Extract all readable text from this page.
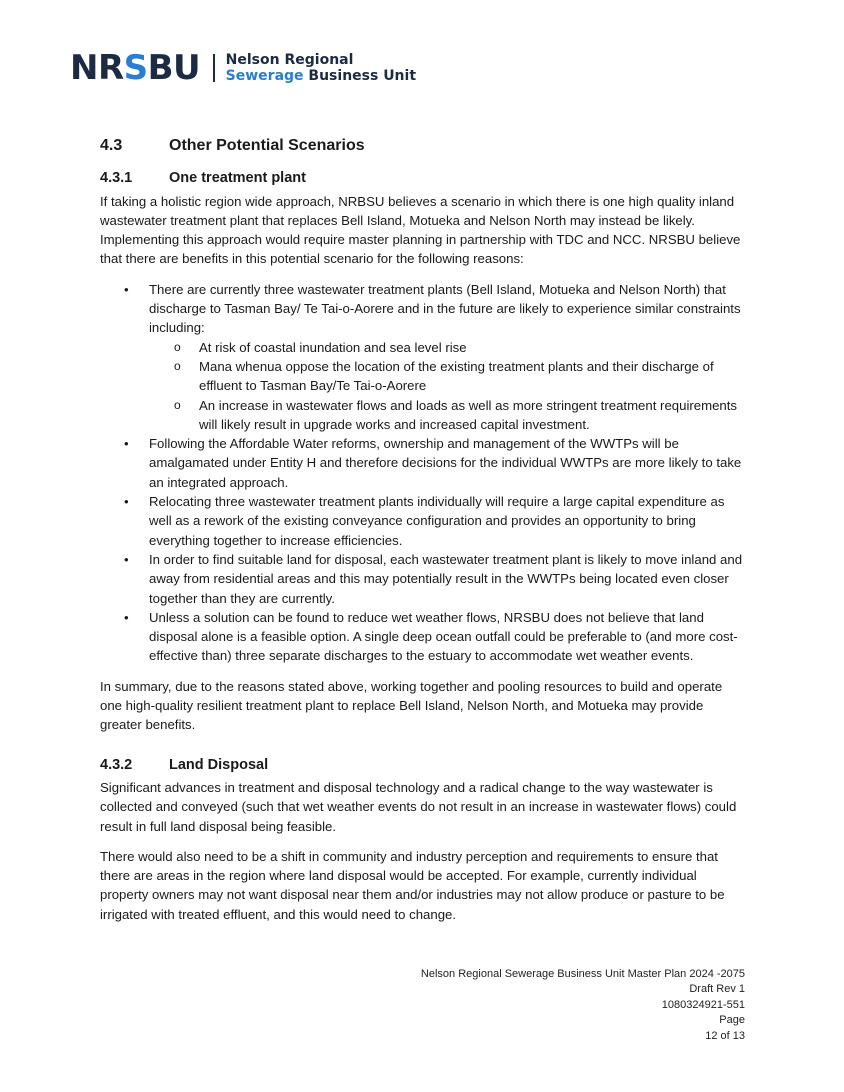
NRSBU Nelson Regional
Sewerage Business Unit
4.3	Other Potential Scenarios
4.3.1	One treatment plant

If taking a holistic region wide approach, NRBSU believes a scenario in which there is one high quality inland wastewater treatment plant that replaces Bell Island, Motueka and Nelson North may instead be likely. Implementing this approach would require master planning in partnership with TDC and NCC. NRSBU believe that there are benefits in this potential scenario for the following reasons:

• There are currently three wastewater treatment plants (Bell Island, Motueka and Nelson North) that discharge to Tasman Bay/ Te Tai-o-Aorere and in the future are likely to experience similar constraints including:
o At risk of coastal inundation and sea level rise
o Mana whenua oppose the location of the existing treatment plants and their discharge of effluent to Tasman Bay/Te Tai-o-Aorere
o An increase in wastewater flows and loads as well as more stringent treatment requirements will likely result in upgrade works and increased capital investment.
• Following the Affordable Water reforms, ownership and management of the WWTPs will be amalgamated under Entity H and therefore decisions for the individual WWTPs are more likely to take an integrated approach.
• Relocating three wastewater treatment plants individually will require a large capital expenditure as well as a rework of the existing conveyance configuration and provides an opportunity to bring everything together to increase efficiencies.
• In order to find suitable land for disposal, each wastewater treatment plant is likely to move inland and away from residential areas and this may potentially result in the WWTPs being located even closer together than they are currently.
• Unless a solution can be found to reduce wet weather flows, NRSBU does not believe that land disposal alone is a feasible option. A single deep ocean outfall could be preferable to (and more cost-effective than) three separate discharges to the estuary to accommodate wet weather events.

In summary, due to the reasons stated above, working together and pooling resources to build and operate one high-quality resilient treatment plant to replace Bell Island, Nelson North, and Motueka may provide greater benefits.

4.3.2	Land Disposal

Significant advances in treatment and disposal technology and a radical change to the way wastewater is collected and conveyed (such that wet weather events do not result in an increase in wastewater flows) could result in full land disposal being feasible.

There would also need to be a shift in community and industry perception and requirements to ensure that there are areas in the region where land disposal would be accepted. For example, currently individual property owners may not want disposal near them and/or industries may not allow produce or pasture to be irrigated with treated effluent, and this would need to change.

Nelson Regional Sewerage Business Unit Master Plan 2024 -2075
Draft Rev 1
1080324921-551
Page
12 of 13
